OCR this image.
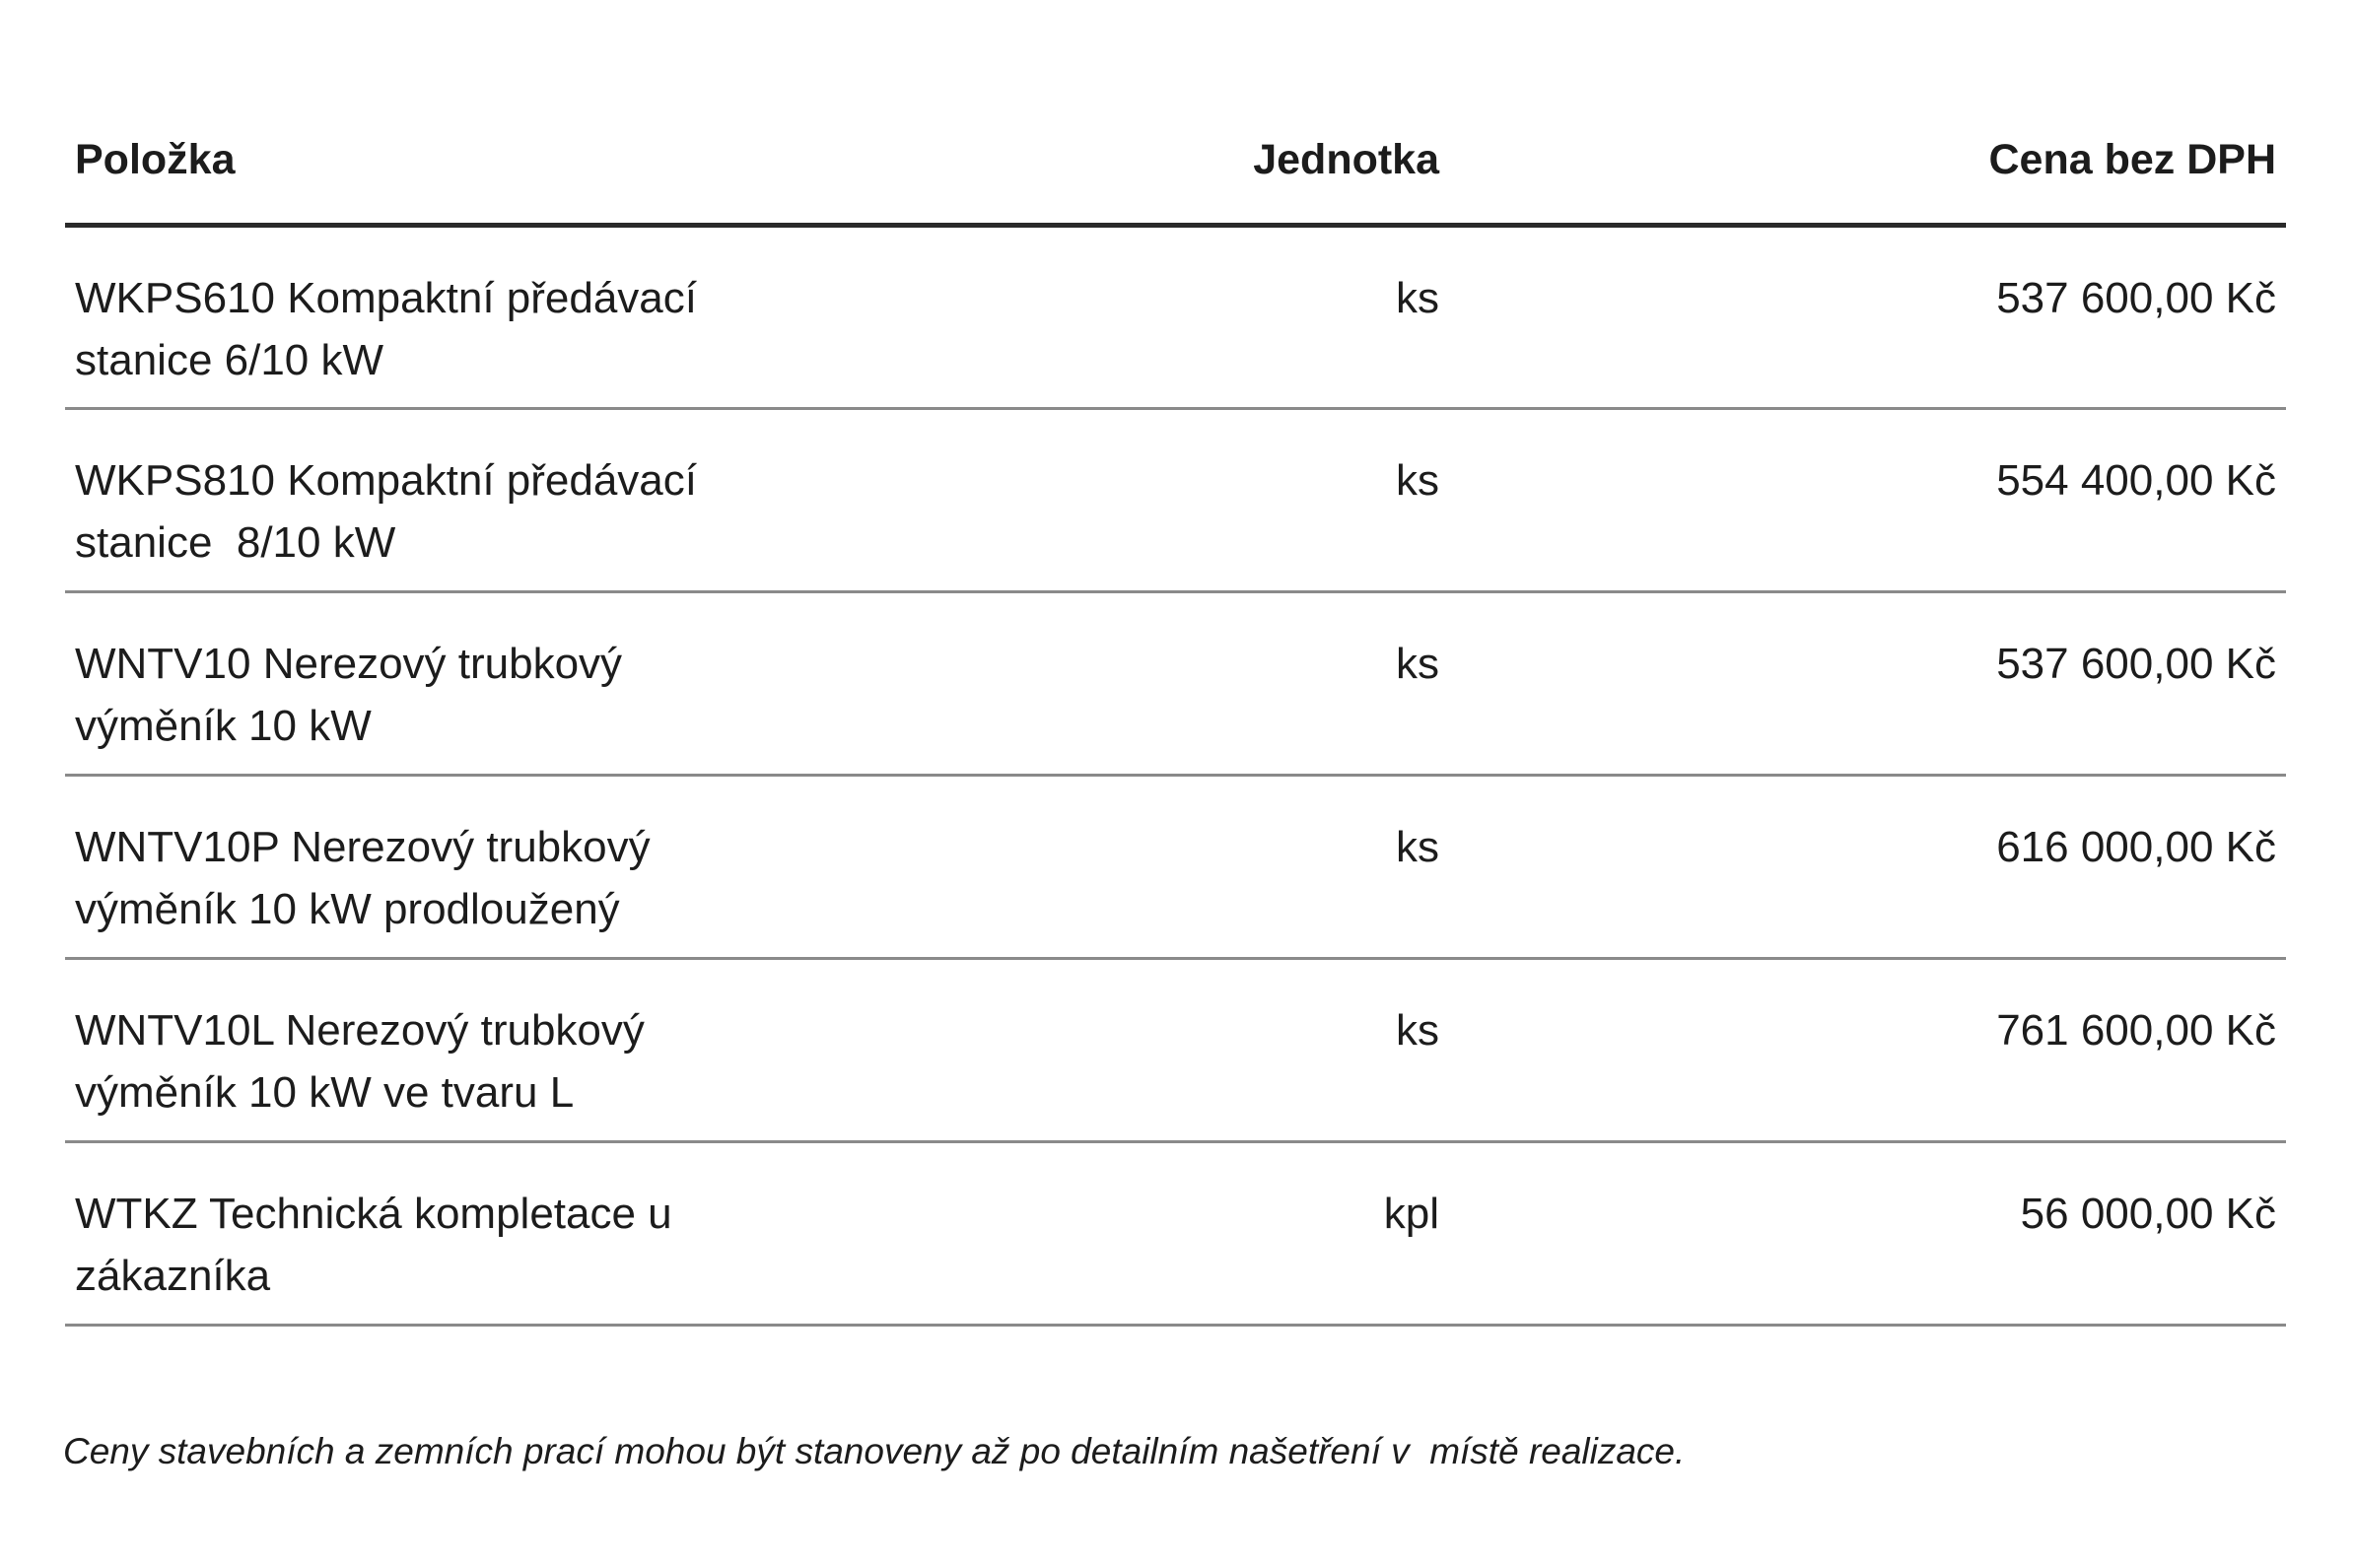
Položka	Jednotka	Cena bez DPH

WKPS610 Kompaktní předávací
stanice 6/10 kW	ks	537 600,00 Kč

WKPS810 Kompaktní předávací
stanice  8/10 kW	ks	554 400,00 Kč

WNTV10 Nerezový trubkový
výměník 10 kW	ks	537 600,00 Kč

WNTV10P Nerezový trubkový
výměník 10 kW prodloužený	ks	616 000,00 Kč

WNTV10L Nerezový trubkový
výměník 10 kW ve tvaru L	ks	761 600,00 Kč

WTKZ Technická kompletace u
zákazníka	kpl	56 000,00 Kč
Ceny stavebních a zemních prací mohou být stanoveny až po detailním našetření v  místě realizace.
